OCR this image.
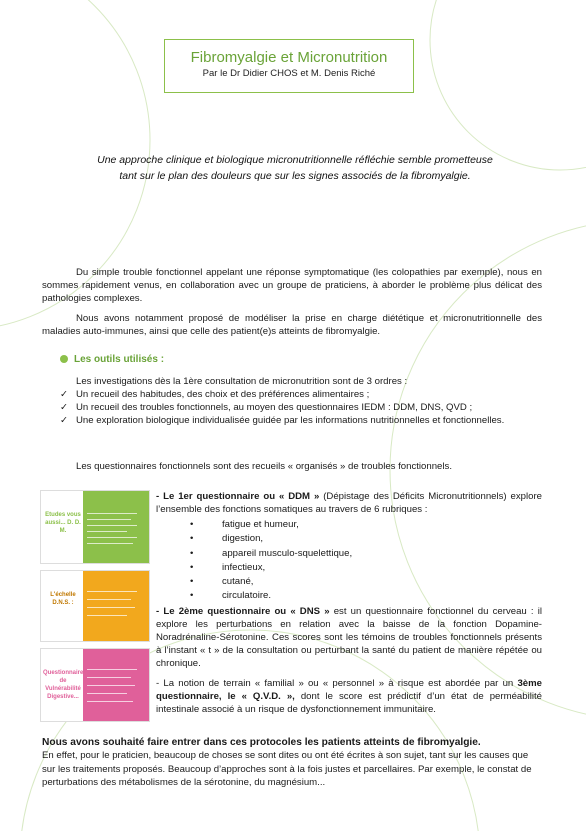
Fibromyalgie et Micronutrition
Par le Dr Didier CHOS et M. Denis Riché
Une approche clinique et biologique micronutritionnelle réfléchie semble prometteuse
tant sur le plan des douleurs que sur les signes associés de la fibromyalgie.
Du simple trouble fonctionnel appelant une réponse symptomatique (les colopathies par exemple), nous en sommes rapidement venus, en collaboration avec un groupe de praticiens, à aborder le problème plus délicat des pathologies complexes.
Nous avons notamment proposé de modéliser la prise en charge diététique et micronutritionnelle des maladies auto-immunes, ainsi que celle des patient(e)s atteints de fibromyalgie.
Les outils utilisés :
Les investigations dès la 1ère consultation de micronutrition sont de 3 ordres :
✓ Un recueil des habitudes, des choix et des préférences alimentaires ;
✓ Un recueil des troubles fonctionnels, au moyen des questionnaires IEDM : DDM, DNS, QVD ;
✓ Une exploration biologique individualisée guidée par les informations nutritionnelles et fonctionnelles.
Les questionnaires fonctionnels sont des recueils « organisés » de troubles fonctionnels.
Etudes vous aussi... D. D. M.
L'échelle D.N.S. :
Questionnaire de Vulnérabilité Digestive...
- Le 1er questionnaire ou « DDM » (Dépistage des Déficits Micronutritionnels) explore l’ensemble des fonctions somatiques au travers de 6 rubriques :
•	fatigue et humeur,
•	digestion,
•	appareil musculo-squelettique,
•	infectieux,
•	cutané,
•	circulatoire.
- Le 2ème questionnaire ou « DNS » est un questionnaire fonctionnel du cerveau : il explore les perturbations en relation avec la baisse de la fonction Dopamine-Noradrénaline-Sérotonine. Ces scores sont les témoins de troubles fonctionnels présents à l’instant « t » de la consultation ou perturbant la santé du patient de manière répétée ou chronique.
- La notion de terrain « familial » ou « personnel » à risque est abordée par un 3ème questionnaire, le « Q.V.D. », dont le score est prédictif d’un état de perméabilité intestinale associé à un risque de dysfonctionnement immunitaire.
Nous avons souhaité faire entrer dans ces protocoles les patients atteints de fibromyalgie.
En effet, pour le praticien, beaucoup de choses se sont dites ou ont été écrites à son sujet, tant sur les causes que sur les traitements proposés. Beaucoup d’approches sont à la fois justes et parcellaires. Par exemple, le constat de perturbations des métabolismes de la sérotonine, du magnésium...
